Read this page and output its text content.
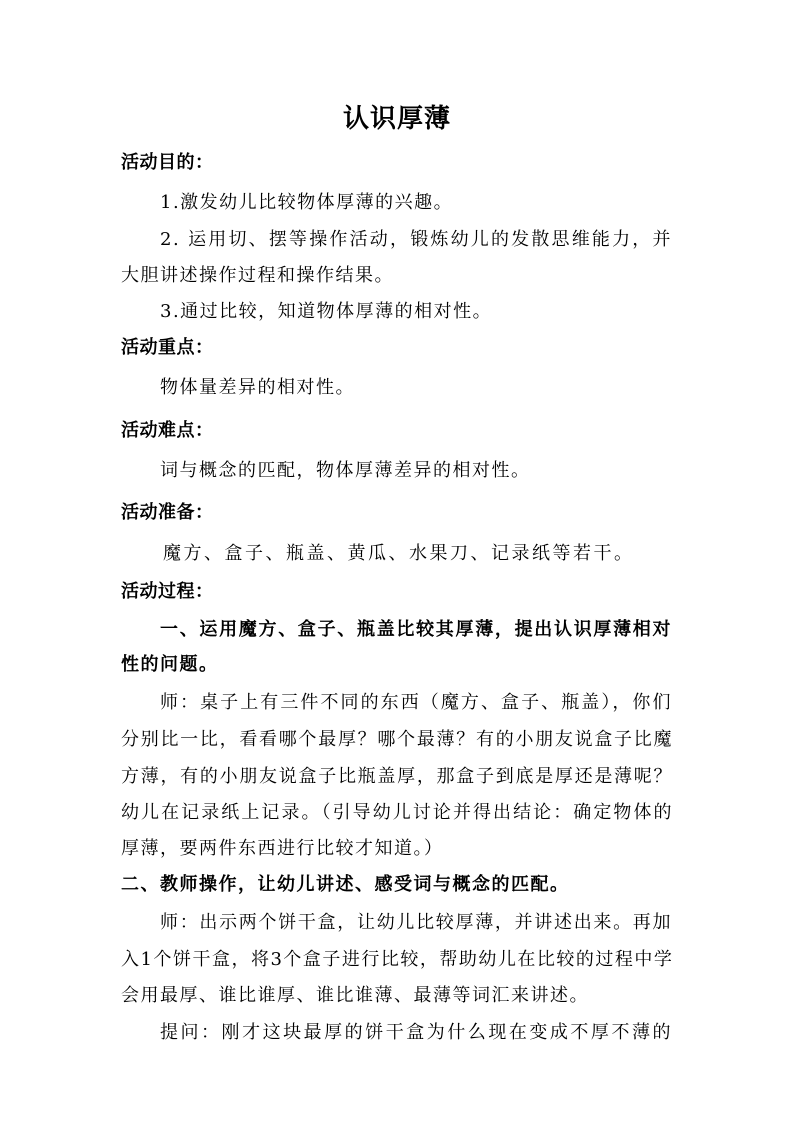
认识厚薄
活动目的：
1.激发幼儿比较物体厚薄的兴趣。
2. 运用切、摆等操作活动，锻炼幼儿的发散思维能力，并
大胆讲述操作过程和操作结果。
3.通过比较，知道物体厚薄的相对性。
活动重点：
物体量差异的相对性。
活动难点：
词与概念的匹配，物体厚薄差异的相对性。
活动准备：
魔方、盒子、瓶盖、黄瓜、水果刀、记录纸等若干。
活动过程：
一、运用魔方、盒子、瓶盖比较其厚薄，提出认识厚薄相对
性的问题。
师：桌子上有三件不同的东西（魔方、盒子、瓶盖），你们
分别比一比，看看哪个最厚？哪个最薄？有的小朋友说盒子比魔
方薄，有的小朋友说盒子比瓶盖厚，那盒子到底是厚还是薄呢？
幼儿在记录纸上记录。（引导幼儿讨论并得出结论：确定物体的
厚薄，要两件东西进行比较才知道。）
二、教师操作，让幼儿讲述、感受词与概念的匹配。
师：出示两个饼干盒，让幼儿比较厚薄，并讲述出来。再加
入1个饼干盒，将3个盒子进行比较，帮助幼儿在比较的过程中学
会用最厚、谁比谁厚、谁比谁薄、最薄等词汇来讲述。
提问：刚才这块最厚的饼干盒为什么现在变成不厚不薄的
